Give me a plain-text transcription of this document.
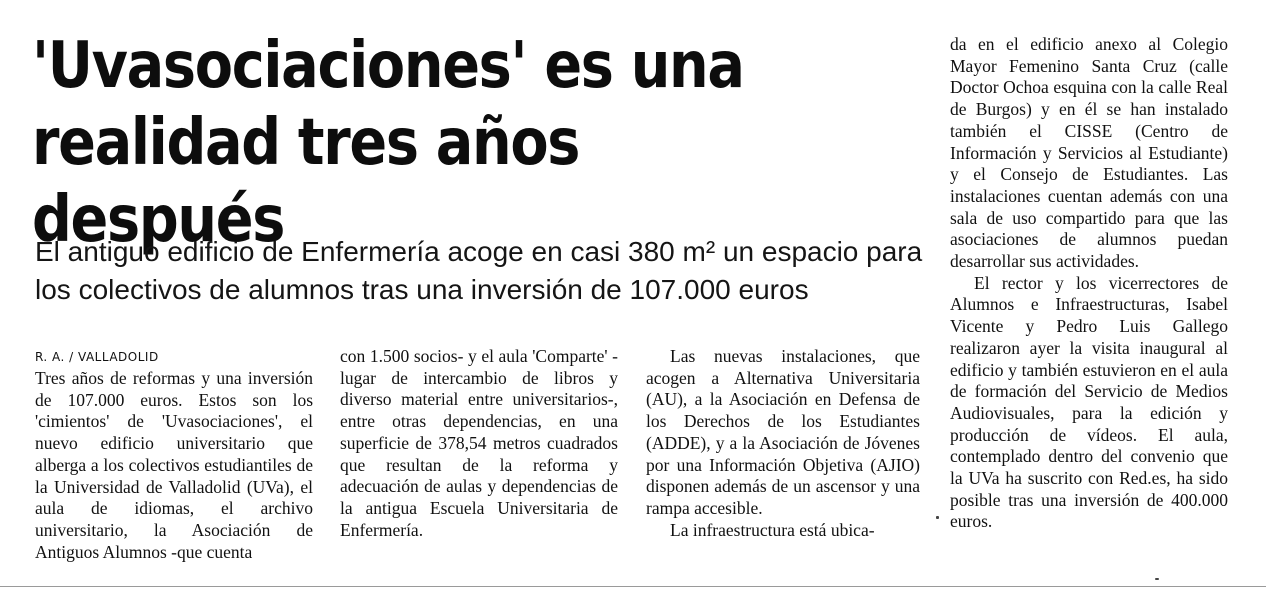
'Uvasociaciones' es una realidad tres años después

El antiguo edificio de Enfermería acoge en casi 380 m² un espacio para los colectivos de alumnos tras una inversión de 107.000 euros

R. A. / VALLADOLID

Tres años de reformas y una inversión de 107.000 euros. Estos son los 'cimientos' de 'Uvasociaciones', el nuevo edificio universitario que alberga a los colectivos estudiantiles de la Universidad de Valladolid (UVa), el aula de idiomas, el archivo universitario, la Asociación de Antiguos Alumnos -que cuenta

con 1.500 socios- y el aula 'Comparte' -lugar de intercambio de libros y diverso material entre universitarios-, entre otras dependencias, en una superficie de 378,54 metros cuadrados que resultan de la reforma y adecuación de aulas y dependencias de la antigua Escuela Universitaria de Enfermería.

Las nuevas instalaciones, que acogen a Alternativa Universitaria (AU), a la Asociación en Defensa de los Derechos de los Estudiantes (ADDE), y a la Asociación de Jóvenes por una Información Objetiva (AJIO) disponen además de un ascensor y una rampa accesible.

La infraestructura está ubica-

da en el edificio anexo al Colegio Mayor Femenino Santa Cruz (calle Doctor Ochoa esquina con la calle Real de Burgos) y en él se han instalado también el CISSE (Centro de Información y Servicios al Estudiante) y el Consejo de Estudiantes. Las instalaciones cuentan además con una sala de uso compartido para que las asociaciones de alumnos puedan desarrollar sus actividades.

El rector y los vicerrectores de Alumnos e Infraestructuras, Isabel Vicente y Pedro Luis Gallego realizaron ayer la visita inaugural al edificio y también estuvieron en el aula de formación del Servicio de Medios Audiovisuales, para la edición y producción de vídeos. El aula, contemplado dentro del convenio que la UVa ha suscrito con Red.es, ha sido posible tras una inversión de 400.000 euros.
